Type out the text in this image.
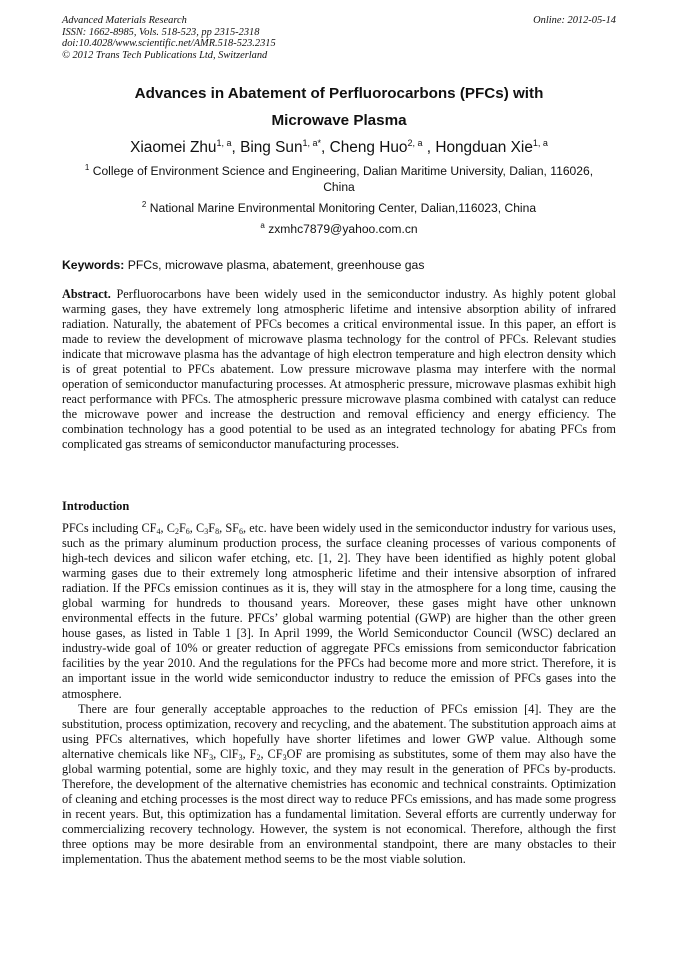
Advanced Materials Research
ISSN: 1662-8985, Vols. 518-523, pp 2315-2318
doi:10.4028/www.scientific.net/AMR.518-523.2315
© 2012 Trans Tech Publications Ltd, Switzerland
Online: 2012-05-14
Advances in Abatement of Perfluorocarbons (PFCs) with
Microwave Plasma
Xiaomei Zhu$^{1, a}$, Bing Sun$^{1, a*}$, Cheng Huo$^{2, a}$ , Hongduan Xie$^{1, a}$
$^1$ College of Environment Science and Engineering, Dalian Maritime University, Dalian, 116026,
China
$^2$ National Marine Environmental Monitoring Center, Dalian,116023, China
$^a$ zxmhc7879@yahoo.com.cn
Keywords: PFCs, microwave plasma, abatement, greenhouse gas
Abstract. Perfluorocarbons have been widely used in the semiconductor industry. As highly potent global warming gases, they have extremely long atmospheric lifetime and intensive absorption ability of infrared radiation. Naturally, the abatement of PFCs becomes a critical environmental issue. In this paper, an effort is made to review the development of microwave plasma technology for the control of PFCs. Relevant studies indicate that microwave plasma has the advantage of high electron temperature and high electron density which is of great potential to PFCs abatement. Low pressure microwave plasma may interfere with the normal operation of semiconductor manufacturing processes. At atmospheric pressure, microwave plasmas exhibit high react performance with PFCs. The atmospheric pressure microwave plasma combined with catalyst can reduce the microwave power and increase the destruction and removal efficiency and energy efficiency. The combination technology has a good potential to be used as an integrated technology for abating PFCs from complicated gas streams of semiconductor manufacturing processes.
Introduction

PFCs including $CF_4$, $C_2F_6$, $C_3F_8$, $SF_6$, etc. have been widely used in the semiconductor industry for various uses, such as the primary aluminum production process, the surface cleaning processes of various components of high-tech devices and silicon wafer etching, etc. [1, 2]. They have been identified as highly potent global warming gases due to their extremely long atmospheric lifetime and their intensive absorption of infrared radiation. If the PFCs emission continues as it is, they will stay in the atmosphere for a long time, causing the global warming for hundreds to thousand years. Moreover, these gases might have other unknown environmental effects in the future. PFCs’ global warming potential (GWP) are higher than the other green house gases, as listed in Table 1 [3]. In April 1999, the World Semiconductor Council (WSC) declared an industry-wide goal of 10% or greater reduction of aggregate PFCs emissions from semiconductor fabrication facilities by the year 2010. And the regulations for the PFCs had become more and more strict. Therefore, it is an important issue in the world wide semiconductor industry to reduce the emission of PFCs gases into the atmosphere.

There are four generally acceptable approaches to the reduction of PFCs emission [4]. They are the substitution, process optimization, recovery and recycling, and the abatement. The substitution approach aims at using PFCs alternatives, which hopefully have shorter lifetimes and lower GWP value. Although some alternative chemicals like $NF_3$, ClF$_3$, $F_2$, $CF_3OF$ are promising as substitutes, some of them may also have the global warming potential, some are highly toxic, and they may result in the generation of PFCs by-products. Therefore, the development of the alternative chemistries has economic and technical constraints. Optimization of cleaning and etching processes is the most direct way to reduce PFCs emissions, and has made some progress in recent years. But, this optimization has a fundamental limitation. Several efforts are currently underway for commercializing recovery technology. However, the system is not economical. Therefore, although the first three options may be more desirable from an environmental standpoint, there are many obstacles to their implementation. Thus the abatement method seems to be the most viable solution.
